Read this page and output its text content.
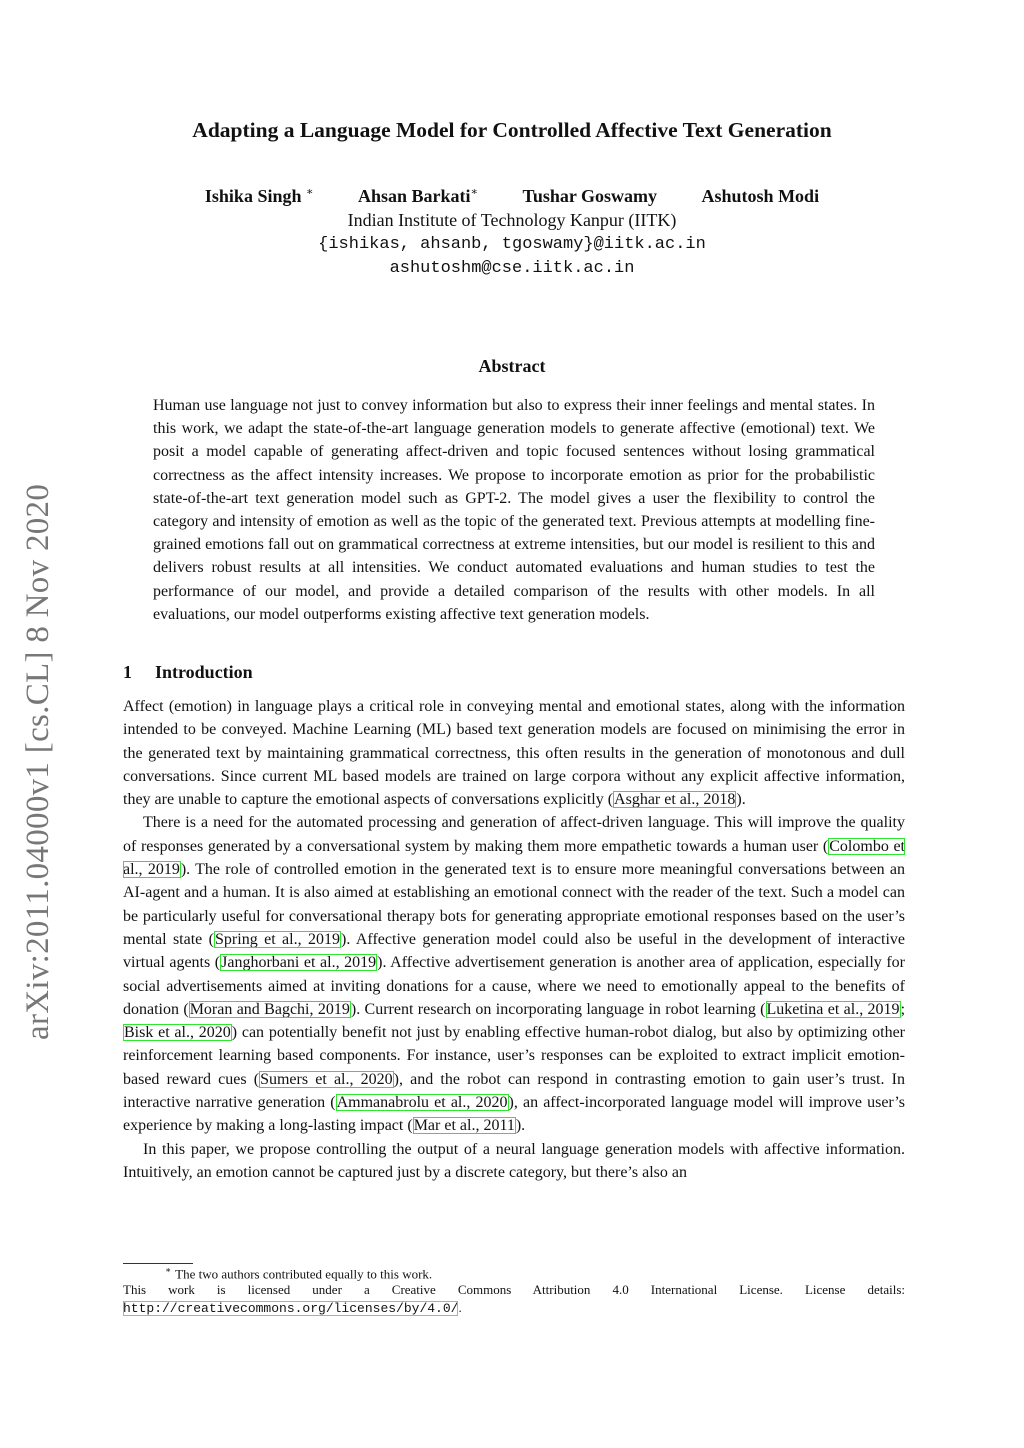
arXiv:2011.04000v1 [cs.CL] 8 Nov 2020
Adapting a Language Model for Controlled Affective Text Generation
Ishika Singh ∗ Ahsan Barkati∗ Tushar Goswamy Ashutosh Modi
Indian Institute of Technology Kanpur (IITK)
{ishikas, ahsanb, tgoswamy}@iitk.ac.in
ashutoshm@cse.iitk.ac.in
Abstract

Human use language not just to convey information but also to express their inner feelings and mental states. In this work, we adapt the state-of-the-art language generation models to generate affective (emotional) text. We posit a model capable of generating affect-driven and topic focused sentences without losing grammatical correctness as the affect intensity increases. We propose to incorporate emotion as prior for the probabilistic state-of-the-art text generation model such as GPT-2. The model gives a user the flexibility to control the category and intensity of emotion as well as the topic of the generated text. Previous attempts at modelling fine-grained emotions fall out on grammatical correctness at extreme intensities, but our model is resilient to this and delivers robust results at all intensities. We conduct automated evaluations and human studies to test the performance of our model, and provide a detailed comparison of the results with other models. In all evaluations, our model outperforms existing affective text generation models.

1 Introduction

Affect (emotion) in language plays a critical role in conveying mental and emotional states, along with the information intended to be conveyed. Machine Learning (ML) based text generation models are focused on minimising the error in the generated text by maintaining grammatical correctness, this often results in the generation of monotonous and dull conversations. Since current ML based models are trained on large corpora without any explicit affective information, they are unable to capture the emotional aspects of conversations explicitly (Asghar et al., 2018).

There is a need for the automated processing and generation of affect-driven language. This will improve the quality of responses generated by a conversational system by making them more empathetic towards a human user (Colombo et al., 2019). The role of controlled emotion in the generated text is to ensure more meaningful conversations between an AI-agent and a human. It is also aimed at establishing an emotional connect with the reader of the text. Such a model can be particularly useful for conversational therapy bots for generating appropriate emotional responses based on the user’s mental state (Spring et al., 2019). Affective generation model could also be useful in the development of interactive virtual agents (Janghorbani et al., 2019). Affective advertisement generation is another area of application, especially for social advertisements aimed at inviting donations for a cause, where we need to emotionally appeal to the benefits of donation (Moran and Bagchi, 2019). Current research on incorporating language in robot learning (Luketina et al., 2019; Bisk et al., 2020) can potentially benefit not just by enabling effective human-robot dialog, but also by optimizing other reinforcement learning based components. For instance, user’s responses can be exploited to extract implicit emotion-based reward cues (Sumers et al., 2020), and the robot can respond in contrasting emotion to gain user’s trust. In interactive narrative generation (Ammanabrolu et al., 2020), an affect-incorporated language model will improve user’s experience by making a long-lasting impact (Mar et al., 2011).

In this paper, we propose controlling the output of a neural language generation models with affective information. Intuitively, an emotion cannot be captured just by a discrete category, but there’s also an

∗ The two authors contributed equally to this work.
This work is licensed under a Creative Commons Attribution 4.0 International License. License details: http://creativecommons.org/licenses/by/4.0/.
